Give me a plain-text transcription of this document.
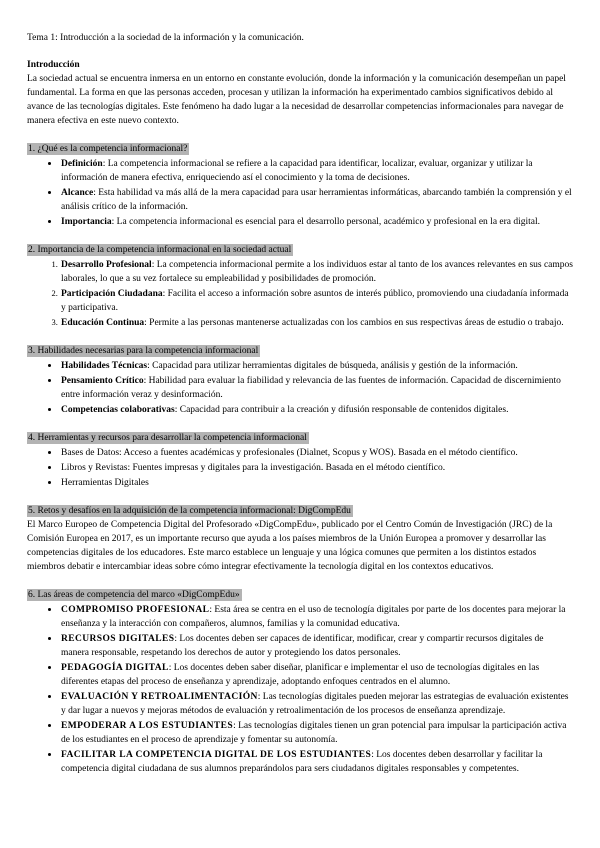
Tema 1: Introducción a la sociedad de la información y la comunicación.

Introducción

La sociedad actual se encuentra inmersa en un entorno en constante evolución, donde la información y la comunicación desempeñan un papel fundamental. La forma en que las personas acceden, procesan y utilizan la información ha experimentado cambios significativos debido al avance de las tecnologías digitales. Este fenómeno ha dado lugar a la necesidad de desarrollar competencias informacionales para navegar de manera efectiva en este nuevo contexto.

1. ¿Qué es la competencia informacional?

• Definición: La competencia informacional se refiere a la capacidad para identificar, localizar, evaluar, organizar y utilizar la información de manera efectiva, enriqueciendo así el conocimiento y la toma de decisiones.
• Alcance: Esta habilidad va más allá de la mera capacidad para usar herramientas informáticas, abarcando también la comprensión y el análisis crítico de la información.
• Importancia: La competencia informacional es esencial para el desarrollo personal, académico y profesional en la era digital.

2. Importancia de la competencia informacional en la sociedad actual

1. Desarrollo Profesional: La competencia informacional permite a los individuos estar al tanto de los avances relevantes en sus campos laborales, lo que a su vez fortalece su empleabilidad y posibilidades de promoción.
2. Participación Ciudadana: Facilita el acceso a información sobre asuntos de interés público, promoviendo una ciudadanía informada y participativa.
3. Educación Continua: Permite a las personas mantenerse actualizadas con los cambios en sus respectivas áreas de estudio o trabajo.

3. Habilidades necesarias para la competencia informacional

• Habilidades Técnicas: Capacidad para utilizar herramientas digitales de búsqueda, análisis y gestión de la información.
• Pensamiento Crítico: Habilidad para evaluar la fiabilidad y relevancia de las fuentes de información. Capacidad de discernimiento entre información veraz y desinformación.
• Competencias colaborativas: Capacidad para contribuir a la creación y difusión responsable de contenidos digitales.

4. Herramientas y recursos para desarrollar la competencia informacional

• Bases de Datos: Acceso a fuentes académicas y profesionales (Dialnet, Scopus y WOS). Basada en el método científico.
• Libros y Revistas: Fuentes impresas y digitales para la investigación. Basada en el método científico.
• Herramientas Digitales

5. Retos y desafíos en la adquisición de la competencia informacional: DigCompEdu

El Marco Europeo de Competencia Digital del Profesorado «DigCompEdu», publicado por el Centro Común de Investigación (JRC) de la Comisión Europea en 2017, es un importante recurso que ayuda a los países miembros de la Unión Europea a promover y desarrollar las competencias digitales de los educadores. Este marco establece un lenguaje y una lógica comunes que permiten a los distintos estados miembros debatir e intercambiar ideas sobre cómo integrar efectivamente la tecnología digital en los contextos educativos.

6. Las áreas de competencia del marco «DigCompEdu»

• COMPROMISO PROFESIONAL: Esta área se centra en el uso de tecnología digitales por parte de los docentes para mejorar la enseñanza y la interacción con compañeros, alumnos, familias y la comunidad educativa.
• RECURSOS DIGITALES: Los docentes deben ser capaces de identificar, modificar, crear y compartir recursos digitales de manera responsable, respetando los derechos de autor y protegiendo los datos personales.
• PEDAGOGÍA DIGITAL: Los docentes deben saber diseñar, planificar e implementar el uso de tecnologías digitales en las diferentes etapas del proceso de enseñanza y aprendizaje, adoptando enfoques centrados en el alumno.
• EVALUACIÓN Y RETROALIMENTACIÓN: Las tecnologías digitales pueden mejorar las estrategias de evaluación existentes y dar lugar a nuevos y mejoras métodos de evaluación y retroalimentación de los procesos de enseñanza aprendizaje.
• EMPODERAR A LOS ESTUDIANTES: Las tecnologías digitales tienen un gran potencial para impulsar la participación activa de los estudiantes en el proceso de aprendizaje y fomentar su autonomía.
• FACILITAR LA COMPETENCIA DIGITAL DE LOS ESTUDIANTES: Los docentes deben desarrollar y facilitar la competencia digital ciudadana de sus alumnos preparándolos para sers ciudadanos digitales responsables y competentes.
